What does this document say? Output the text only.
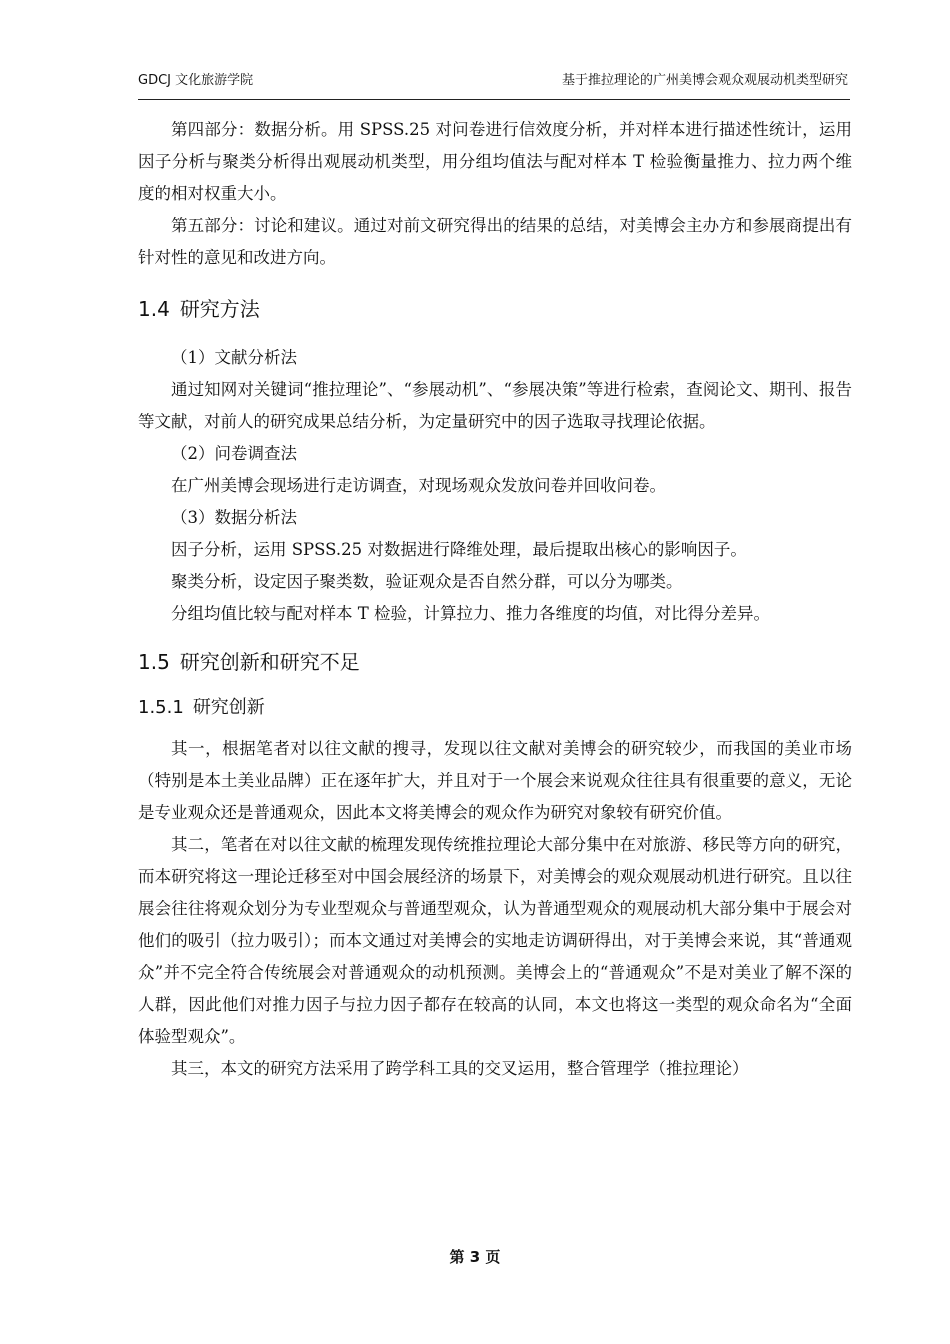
GDCJ 文化旅游学院	基于推拉理论的广州美博会观众观展动机类型研究

第四部分：数据分析。用 SPSS.25 对问卷进行信效度分析，并对样本进行描述性统计，运用因子分析与聚类分析得出观展动机类型，用分组均值法与配对样本 T 检验衡量推力、拉力两个维度的相对权重大小。

第五部分：讨论和建议。通过对前文研究得出的结果的总结，对美博会主办方和参展商提出有针对性的意见和改进方向。

1.4 研究方法

（1）文献分析法

通过知网对关键词“推拉理论”、“参展动机”、“参展决策”等进行检索，查阅论文、期刊、报告等文献，对前人的研究成果总结分析，为定量研究中的因子选取寻找理论依据。

（2）问卷调查法

在广州美博会现场进行走访调查，对现场观众发放问卷并回收问卷。

（3）数据分析法

因子分析，运用 SPSS.25 对数据进行降维处理，最后提取出核心的影响因子。

聚类分析，设定因子聚类数，验证观众是否自然分群，可以分为哪类。

分组均值比较与配对样本 T 检验，计算拉力、推力各维度的均值，对比得分差异。

1.5 研究创新和研究不足
1.5.1 研究创新

其一，根据笔者对以往文献的搜寻，发现以往文献对美博会的研究较少，而我国的美业市场（特别是本土美业品牌）正在逐年扩大，并且对于一个展会来说观众往往具有很重要的意义，无论是专业观众还是普通观众，因此本文将美博会的观众作为研究对象较有研究价值。

其二，笔者在对以往文献的梳理发现传统推拉理论大部分集中在对旅游、移民等方向的研究，而本研究将这一理论迁移至对中国会展经济的场景下，对美博会的观众观展动机进行研究。且以往展会往往将观众划分为专业型观众与普通型观众，认为普通型观众的观展动机大部分集中于展会对他们的吸引（拉力吸引）；而本文通过对美博会的实地走访调研得出，对于美博会来说，其“普通观众”并不完全符合传统展会对普通观众的动机预测。美博会上的“普通观众”不是对美业了解不深的人群，因此他们对推力因子与拉力因子都存在较高的认同，本文也将这一类型的观众命名为“全面体验型观众”。

其三，本文的研究方法采用了跨学科工具的交叉运用，整合管理学（推拉理论）

第 3 页
